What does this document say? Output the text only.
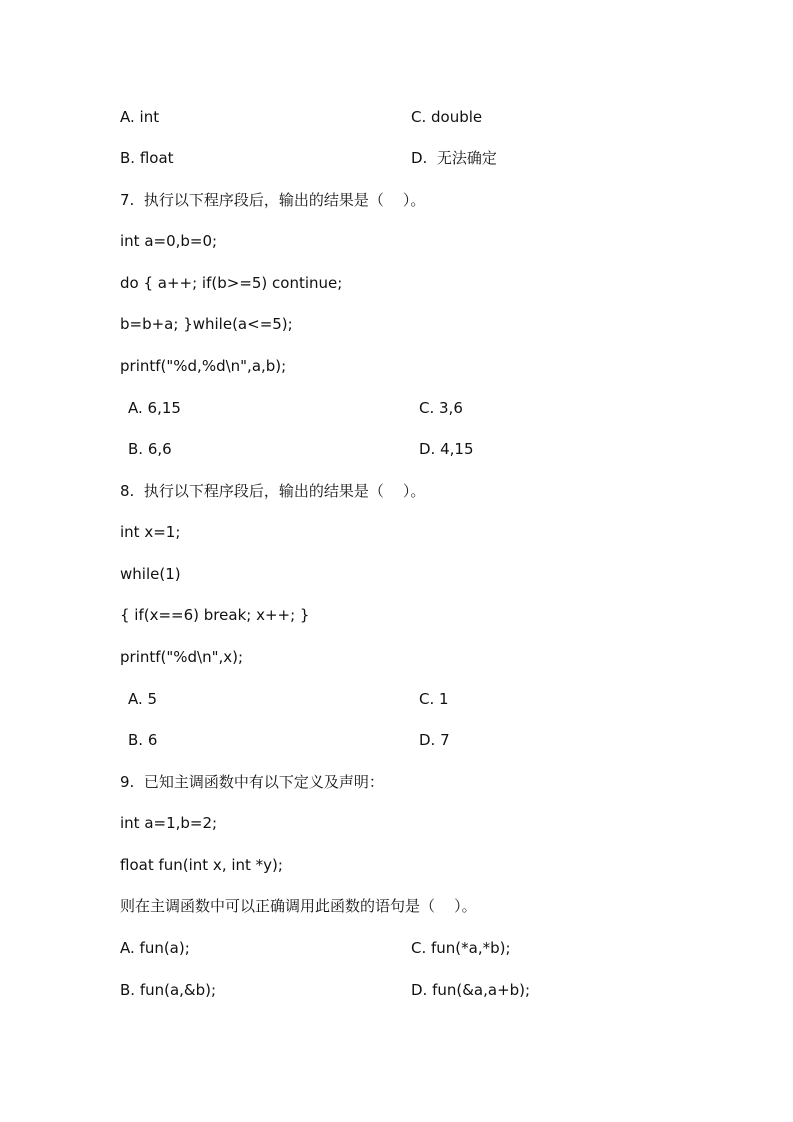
A. int	C. double
B. float	D.  无法确定
7.  执行以下程序段后，输出的结果是（    ）。
int a=0,b=0;
do { a++; if(b>=5) continue;
b=b+a; }while(a<=5);
printf("%d,%d\n",a,b);
A. 6,15	C. 3,6
B. 6,6	D. 4,15
8.  执行以下程序段后，输出的结果是（    ）。
int x=1;
while(1)
{ if(x==6) break; x++; }
printf("%d\n",x);
A. 5	C. 1
B. 6	D. 7
9.  已知主调函数中有以下定义及声明：
int a=1,b=2;
float fun(int x, int *y);
则在主调函数中可以正确调用此函数的语句是（    ）。
A. fun(a);	C. fun(*a,*b);
B. fun(a,&b);	D. fun(&a,a+b);
